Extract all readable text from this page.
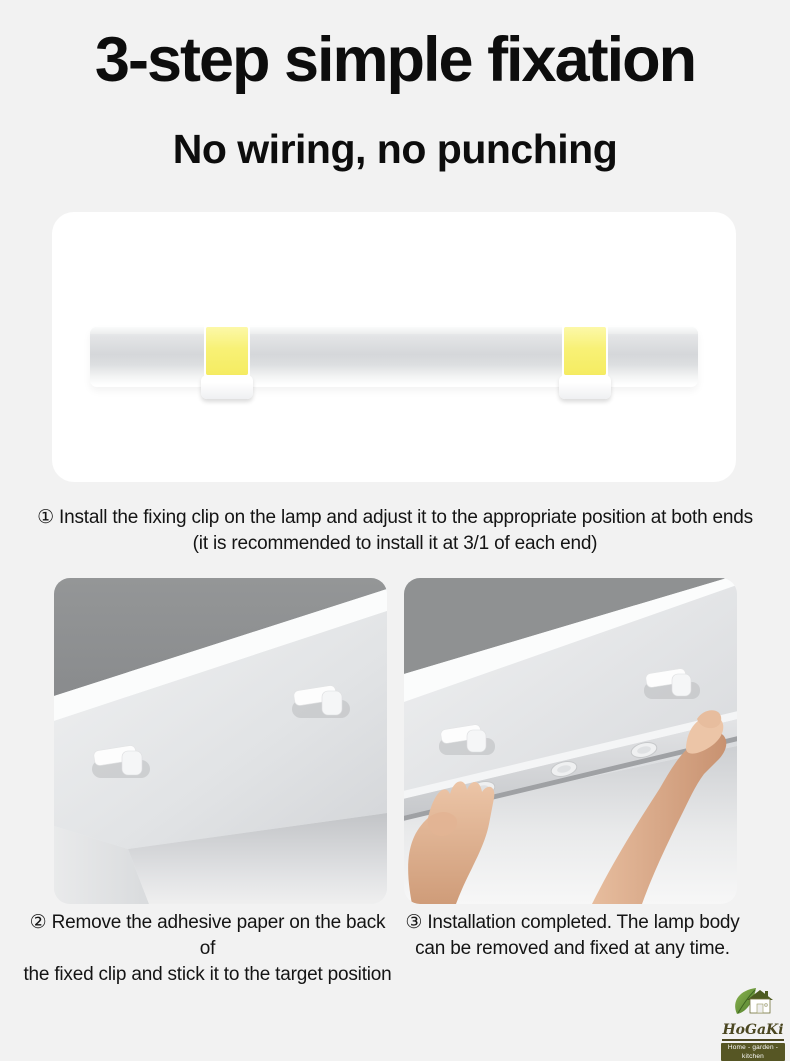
3-step simple fixation
No wiring, no punching
① Install the fixing clip on the lamp and adjust it to the appropriate position at both ends
(it is recommended to install it at 3/1 of each end)
② Remove the adhesive paper on the back of
the fixed clip and stick it to the target position
③ Installation completed. The lamp body
can be removed and fixed at any time.
HoGaKi
Home - garden - kitchen
